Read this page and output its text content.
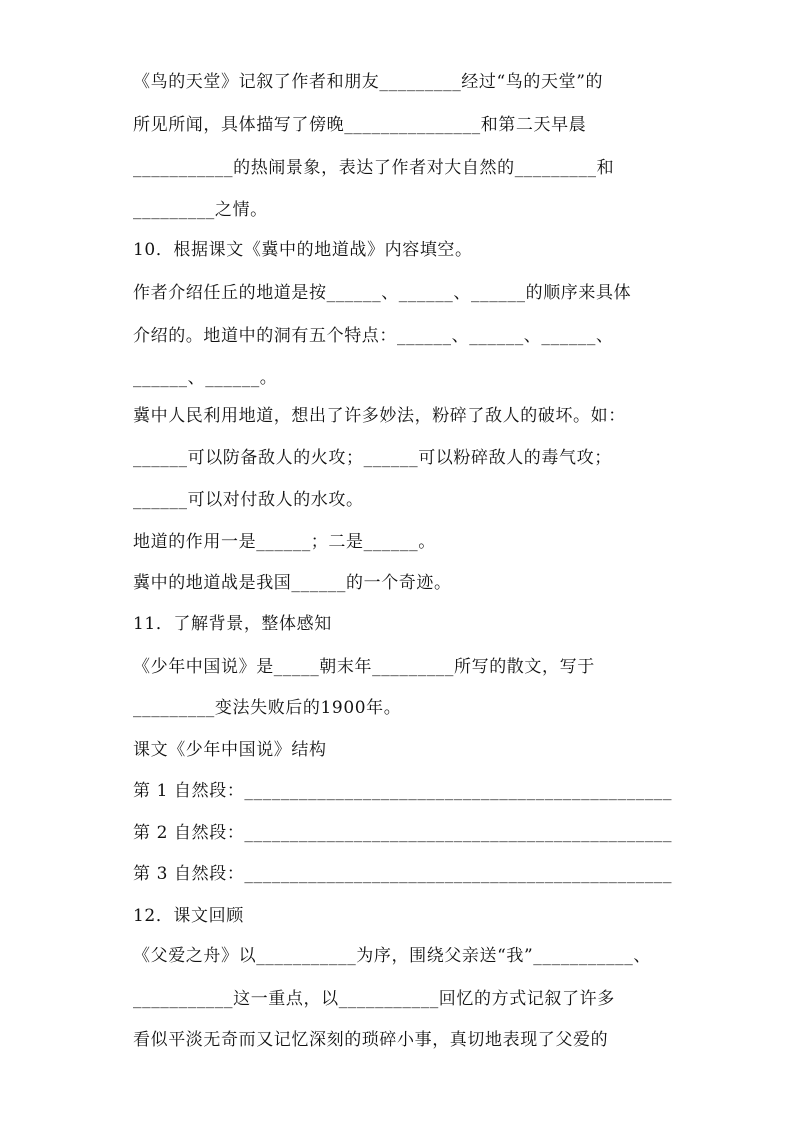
《鸟的天堂》记叙了作者和朋友_________经过“鸟的天堂”的
所见所闻，具体描写了傍晚_______________和第二天早晨
___________的热闹景象，表达了作者对大自然的_________和
_________之情。
10．根据课文《冀中的地道战》内容填空。
作者介绍任丘的地道是按______、______、______的顺序来具体
介绍的。地道中的洞有五个特点：______、______、______、
______、______。
冀中人民利用地道，想出了许多妙法，粉碎了敌人的破坏。如：
______可以防备敌人的火攻；______可以粉碎敌人的毒气攻；
______可以对付敌人的水攻。
地道的作用一是______；二是______。
冀中的地道战是我国______的一个奇迹。
11．了解背景，整体感知
《少年中国说》是_____朝末年_________所写的散文，写于
_________变法失败后的1900年。
课文《少年中国说》结构
第 1 自然段：_______________________________________________
第 2 自然段：_______________________________________________
第 3 自然段：_______________________________________________
12．课文回顾
《父爱之舟》以___________为序，围绕父亲送“我”___________、
___________这一重点，以___________回忆的方式记叙了许多
看似平淡无奇而又记忆深刻的琐碎小事，真切地表现了父爱的
